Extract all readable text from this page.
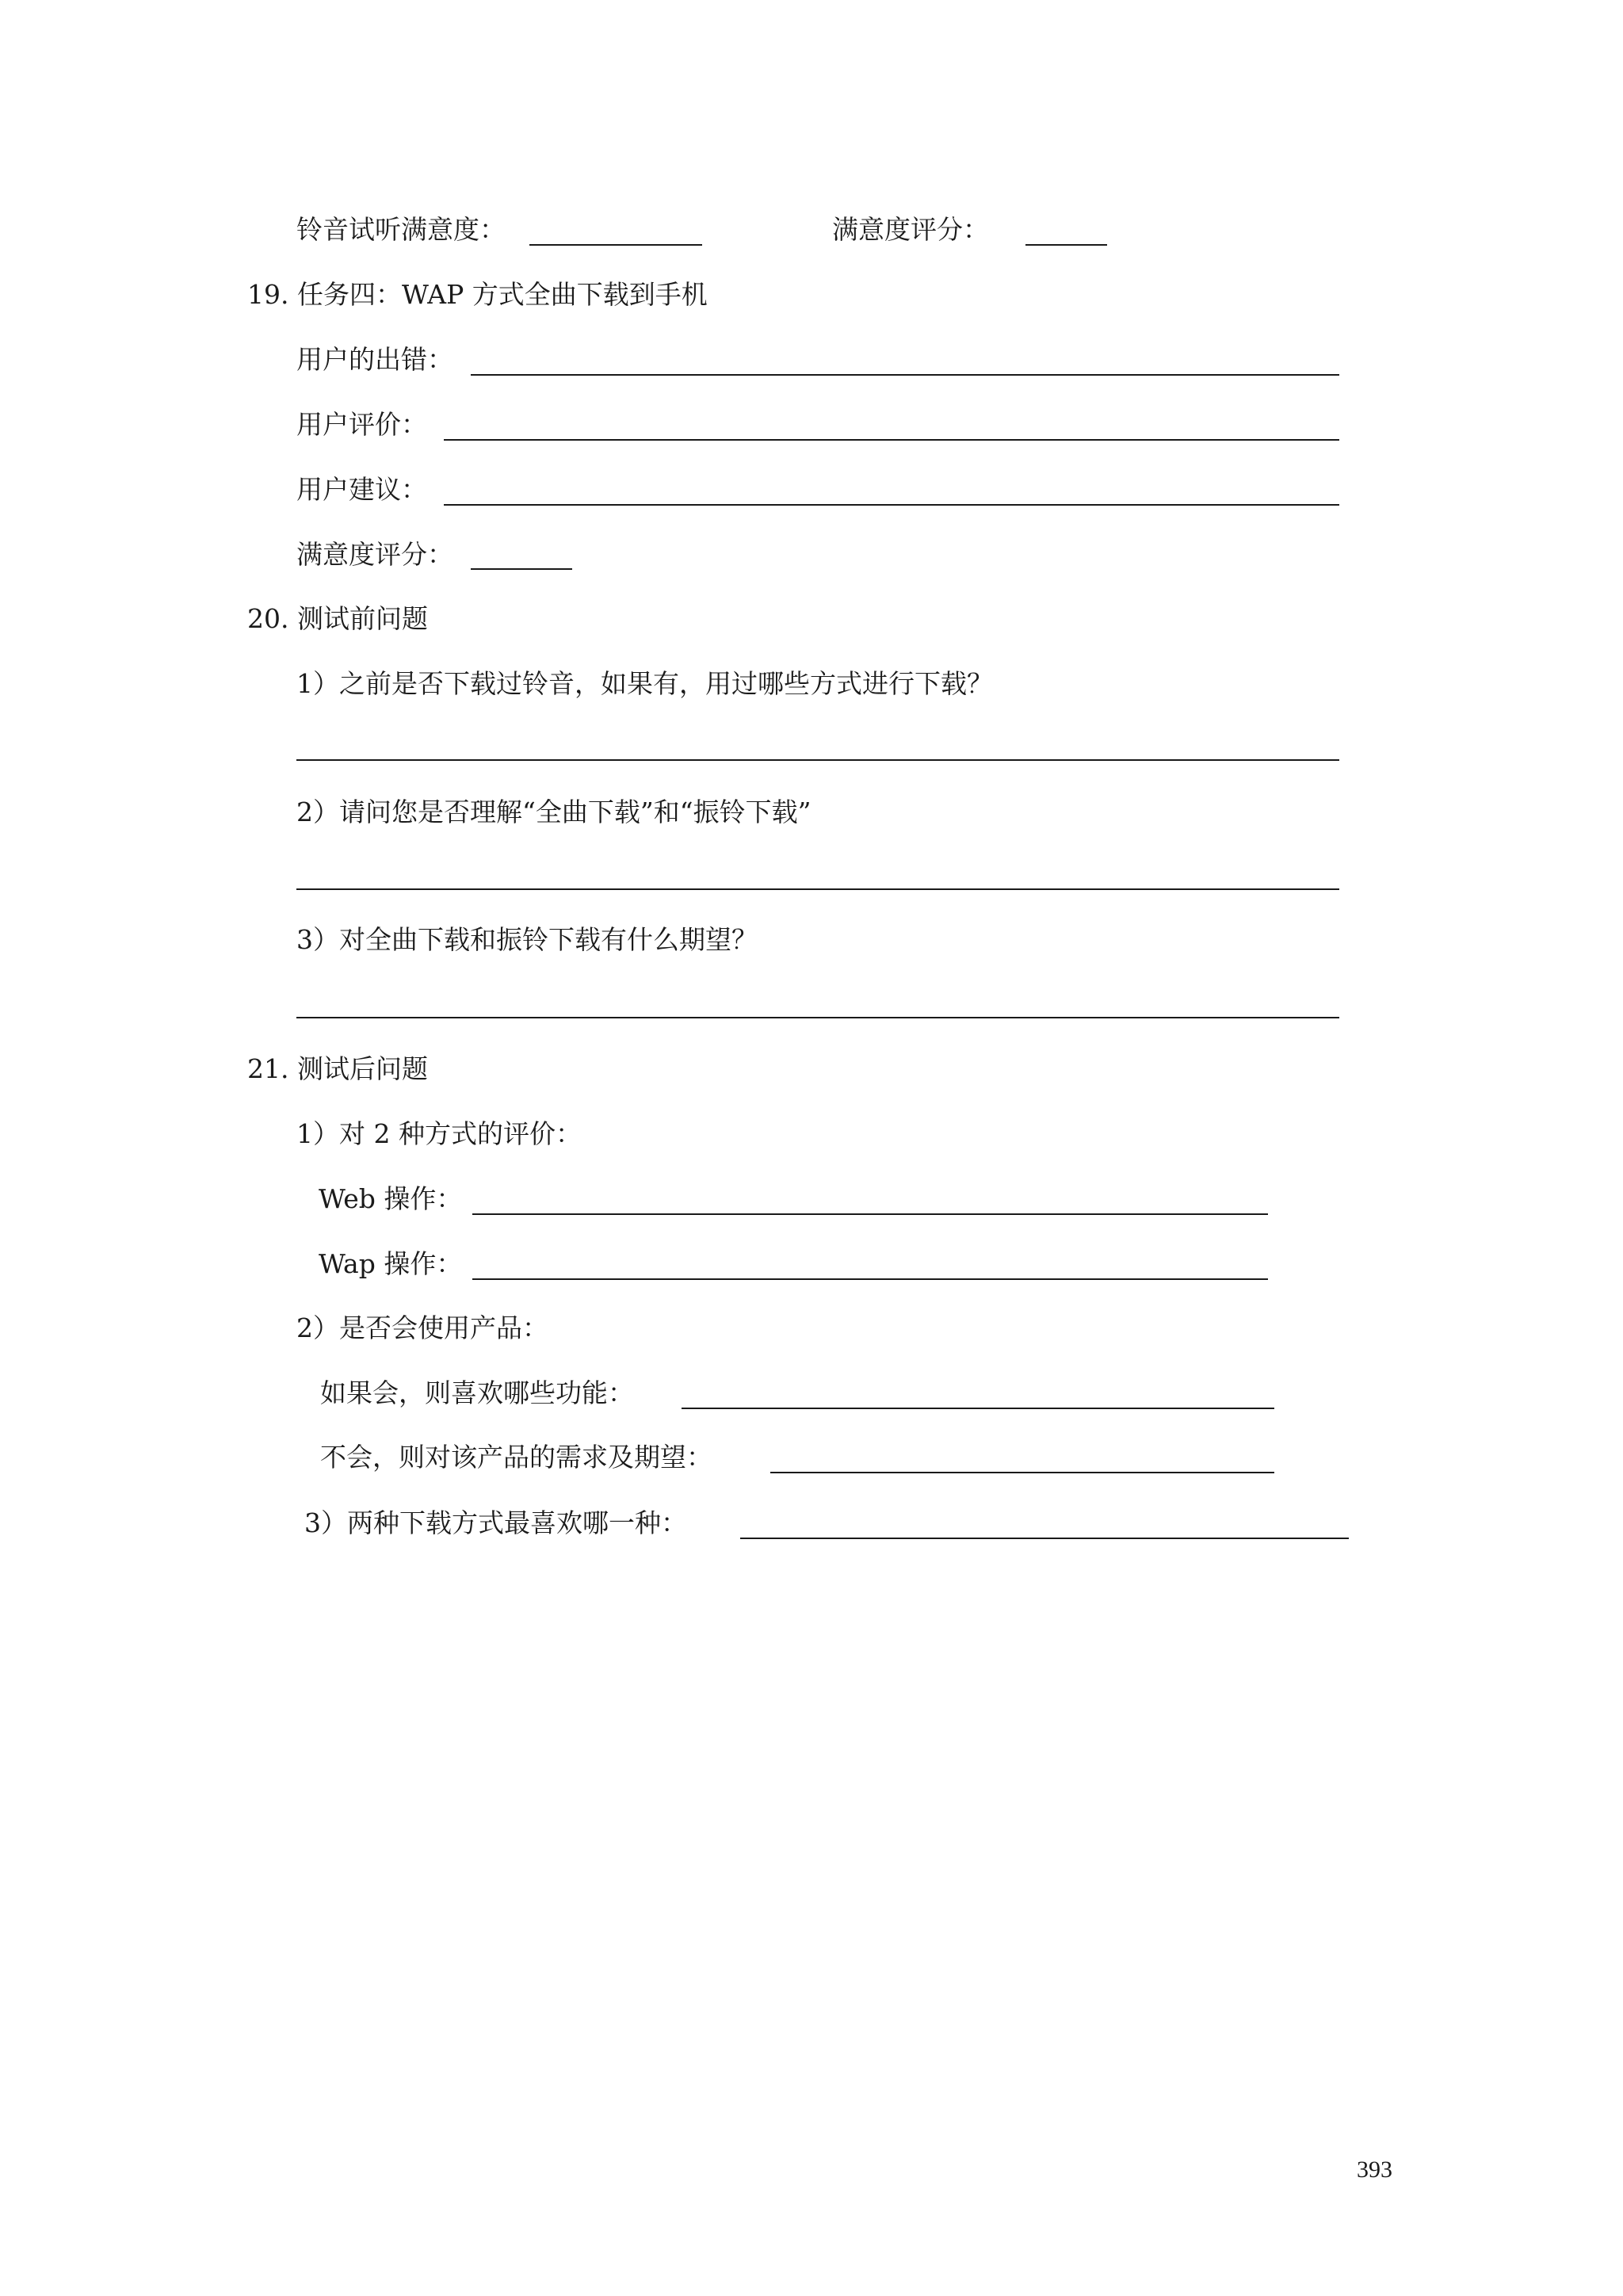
铃音试听满意度：	满意度评分：
19. 任务四：WAP 方式全曲下载到手机
用户的出错：
用户评价：
用户建议：
满意度评分：
20. 测试前问题
1）之前是否下载过铃音，如果有，用过哪些方式进行下载？
2）请问您是否理解“全曲下载”和“振铃下载”
3）对全曲下载和振铃下载有什么期望？
21. 测试后问题
1）对 2 种方式的评价：
Web 操作：
Wap 操作：
2）是否会使用产品：
如果会，则喜欢哪些功能：
不会，则对该产品的需求及期望：
3）两种下载方式最喜欢哪一种：
393
